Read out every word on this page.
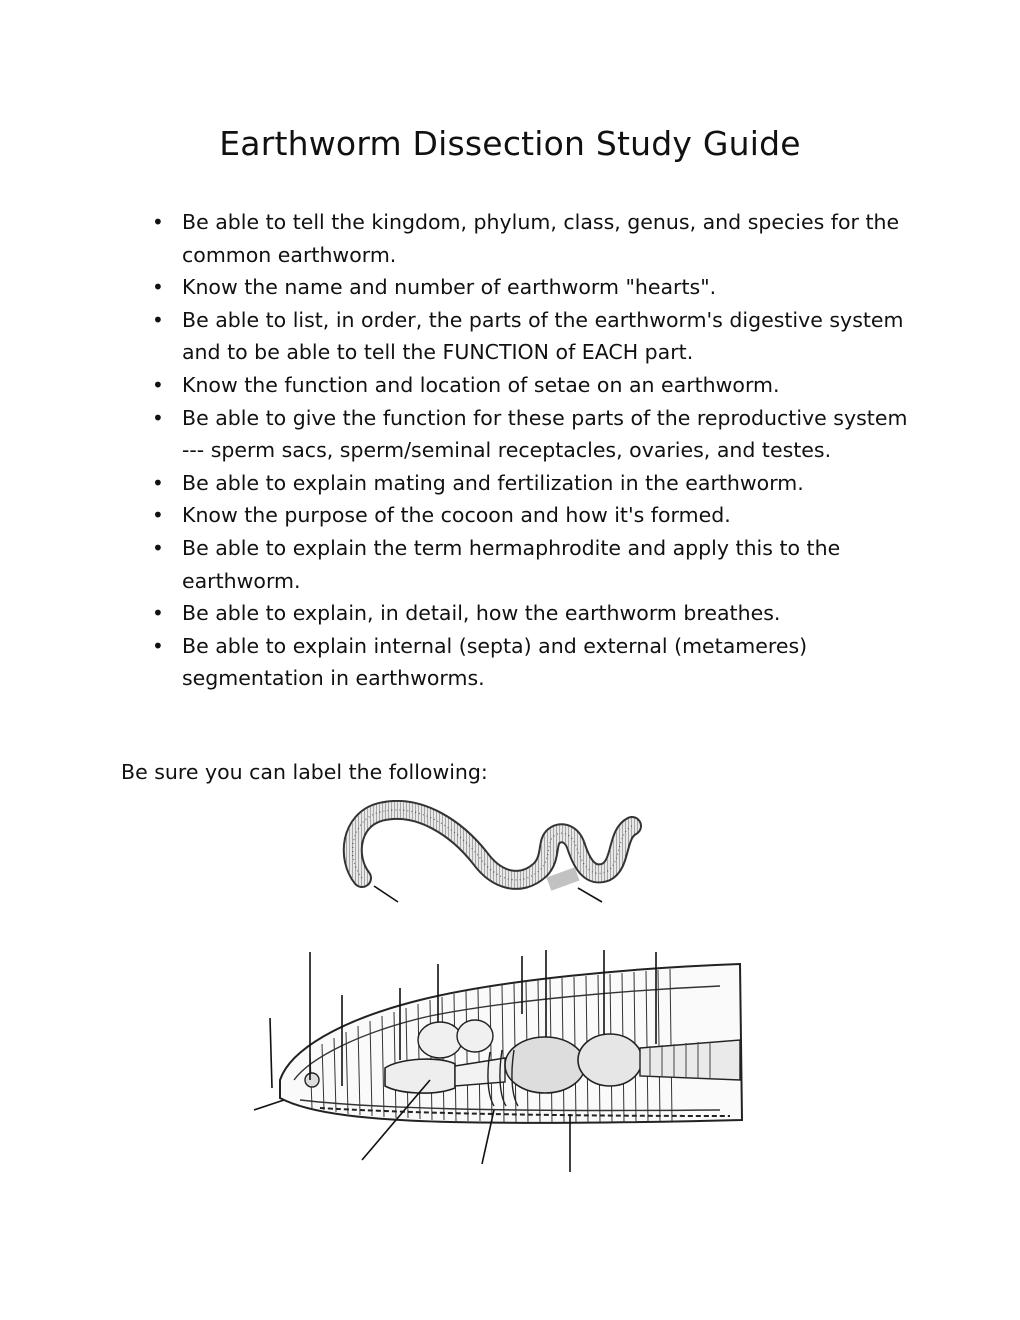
Earthworm Dissection Study Guide
• Be able to tell the kingdom, phylum, class, genus, and species for the common earthworm.
• Know the name and number of earthworm "hearts".
• Be able to list, in order, the parts of the earthworm's digestive system and to be able to tell the FUNCTION of EACH part.
• Know the function and location of setae on an earthworm.
• Be able to give the function for these parts of the reproductive system --- sperm sacs, sperm/seminal receptacles, ovaries, and testes.
• Be able to explain mating and fertilization in the earthworm.
• Know the purpose of the cocoon and how it's formed.
• Be able to explain the term hermaphrodite and apply this to the earthworm.
• Be able to explain, in detail, how the earthworm breathes.
• Be able to explain internal (septa) and external (metameres) segmentation in earthworms.

Be sure you can label the following:
